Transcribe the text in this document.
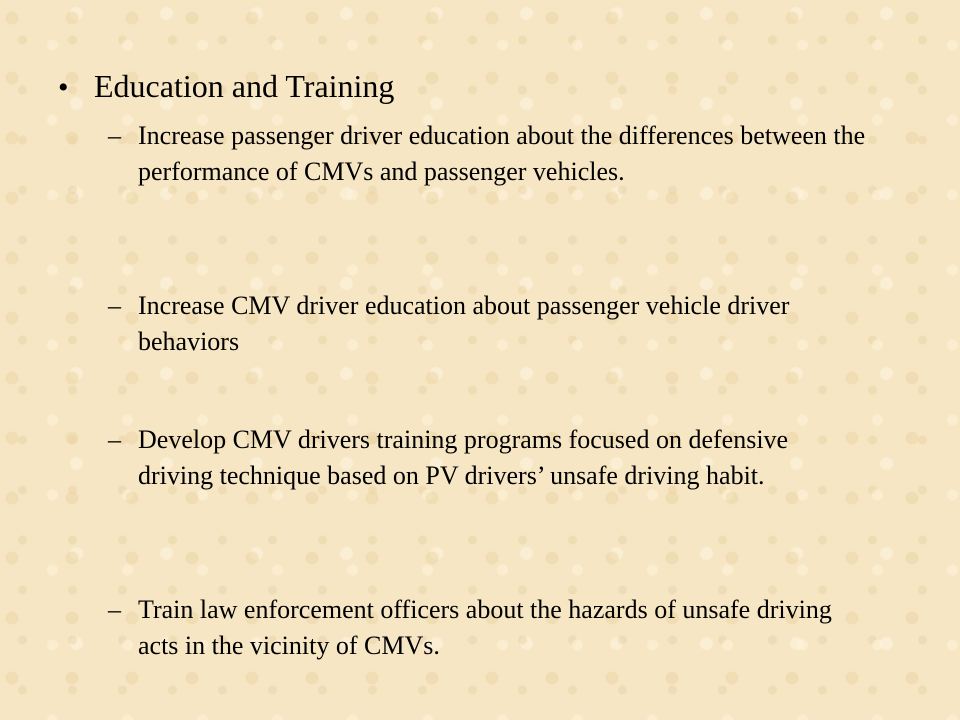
• Education and Training
– Increase passenger driver education about the differences between the performance of CMVs and passenger vehicles.
– Increase CMV driver education about passenger vehicle driver behaviors
– Develop CMV drivers training programs focused on defensive driving technique based on PV drivers’ unsafe driving habit.
– Train law enforcement officers about the hazards of unsafe driving acts in the vicinity of CMVs.
